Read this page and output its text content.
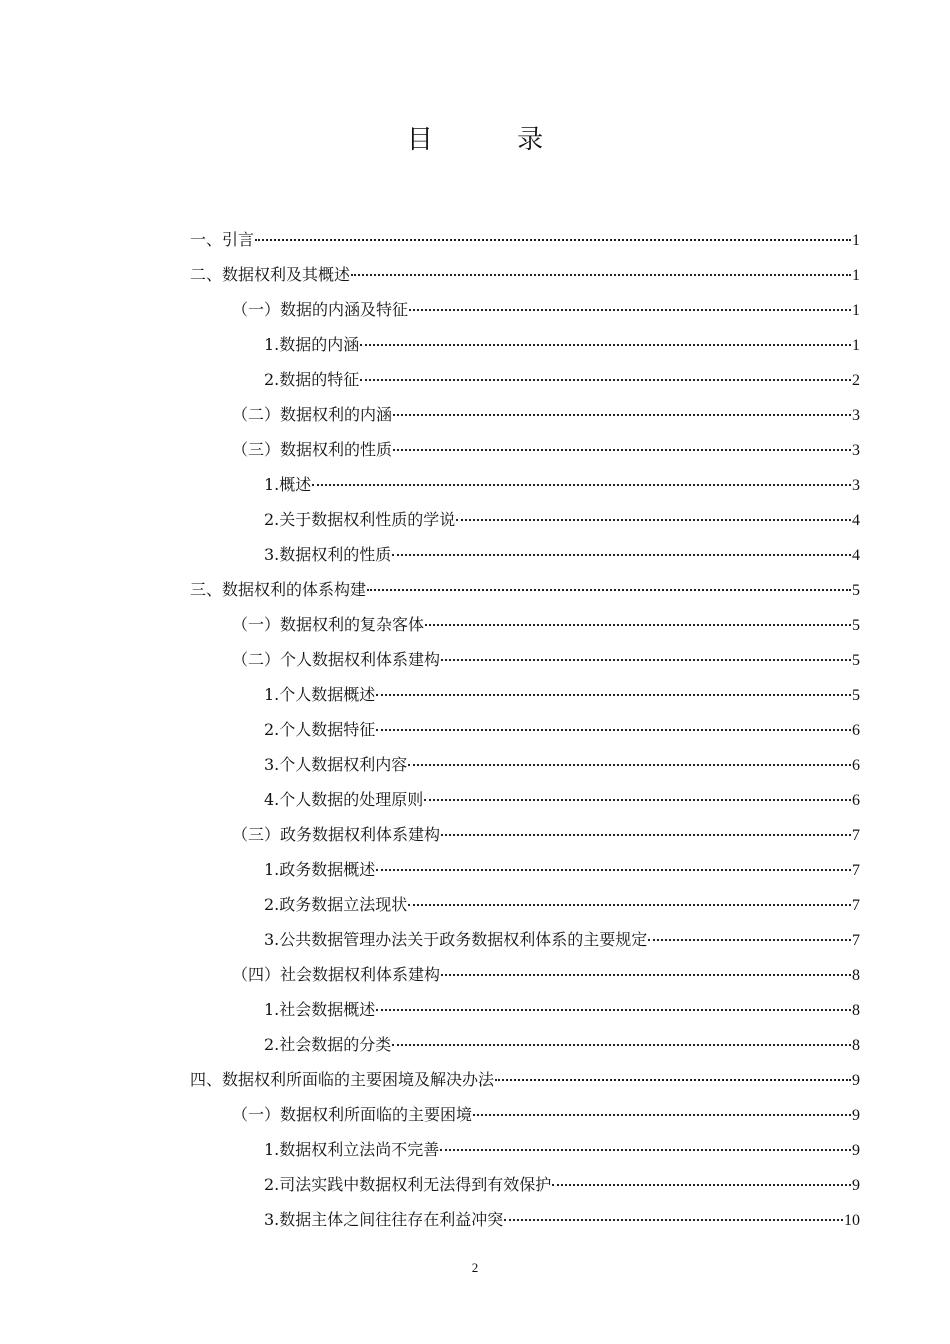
目 录
一、引言	1
二、数据权利及其概述	1
（一）数据的内涵及特征	1
1.数据的内涵	1
2.数据的特征	2
（二）数据权利的内涵	3
（三）数据权利的性质	3
1.概述	3
2.关于数据权利性质的学说	4
3.数据权利的性质	4
三、数据权利的体系构建	5
（一）数据权利的复杂客体	5
（二）个人数据权利体系建构	5
1.个人数据概述	5
2.个人数据特征	6
3.个人数据权利内容	6
4.个人数据的处理原则	6
（三）政务数据权利体系建构	7
1.政务数据概述	7
2.政务数据立法现状	7
3.公共数据管理办法关于政务数据权利体系的主要规定	7
（四）社会数据权利体系建构	8
1.社会数据概述	8
2.社会数据的分类	8
四、数据权利所面临的主要困境及解决办法	9
（一）数据权利所面临的主要困境	9
1.数据权利立法尚不完善	9
2.司法实践中数据权利无法得到有效保护	9
3.数据主体之间往往存在利益冲突	10
2
